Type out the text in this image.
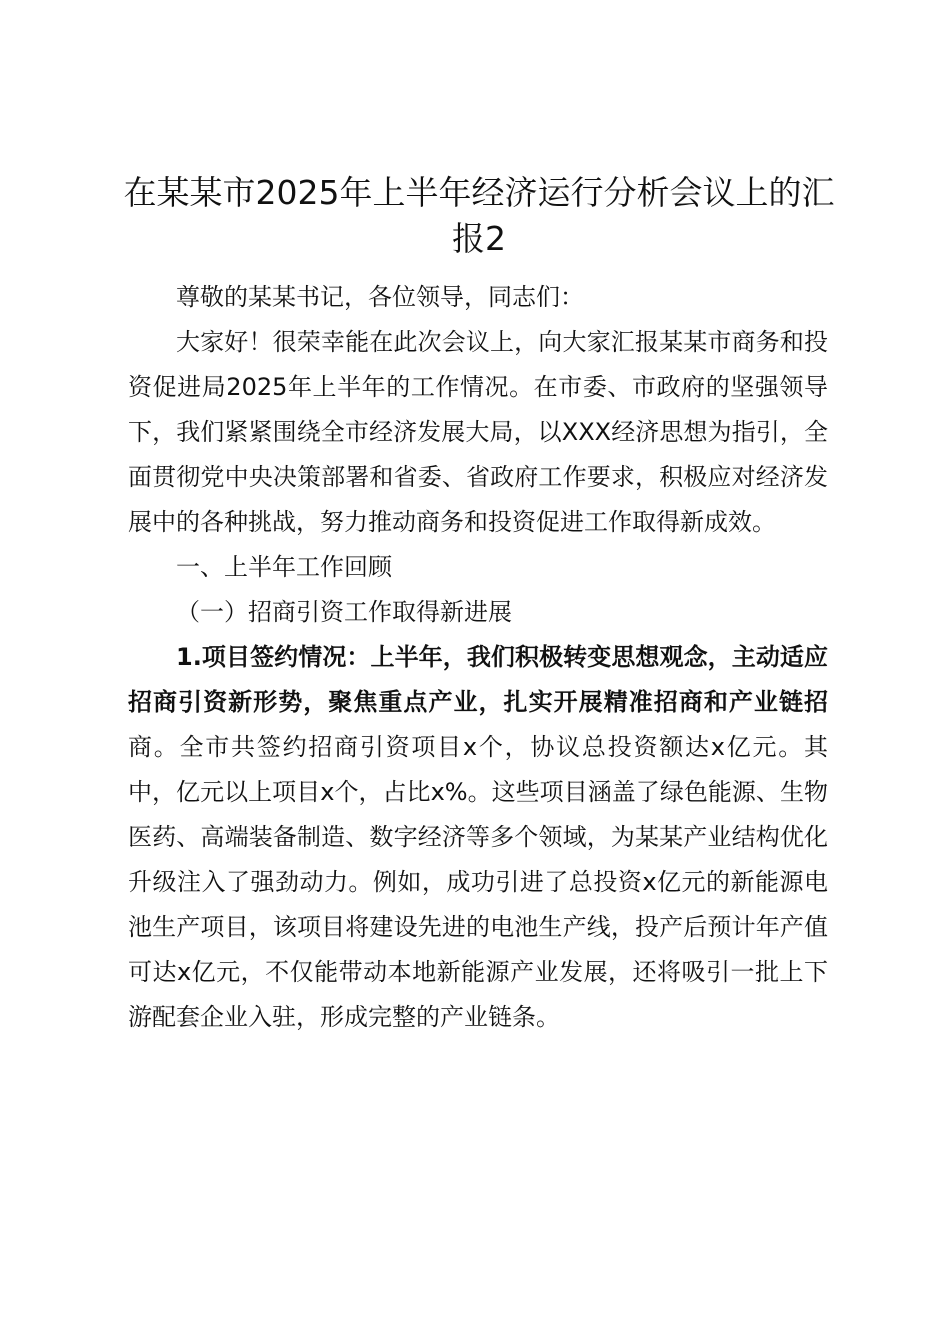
在某某市2025年上半年经济运行分析会议上的汇报2

尊敬的某某书记，各位领导，同志们：

大家好！很荣幸能在此次会议上，向大家汇报某某市商务和投资促进局2025年上半年的工作情况。在市委、市政府的坚强领导下，我们紧紧围绕全市经济发展大局，以XXX经济思想为指引，全面贯彻党中央决策部署和省委、省政府工作要求，积极应对经济发展中的各种挑战，努力推动商务和投资促进工作取得新成效。

一、上半年工作回顾

（一）招商引资工作取得新进展

1.项目签约情况：上半年，我们积极转变思想观念，主动适应招商引资新形势，聚焦重点产业，扎实开展精准招商和产业链招商。全市共签约招商引资项目x个，协议总投资额达x亿元。其中，亿元以上项目x个，占比x%。这些项目涵盖了绿色能源、生物医药、高端装备制造、数字经济等多个领域，为某某产业结构优化升级注入了强劲动力。例如，成功引进了总投资x亿元的新能源电池生产项目，该项目将建设先进的电池生产线，投产后预计年产值可达x亿元，不仅能带动本地新能源产业发展，还将吸引一批上下游配套企业入驻，形成完整的产业链条。
